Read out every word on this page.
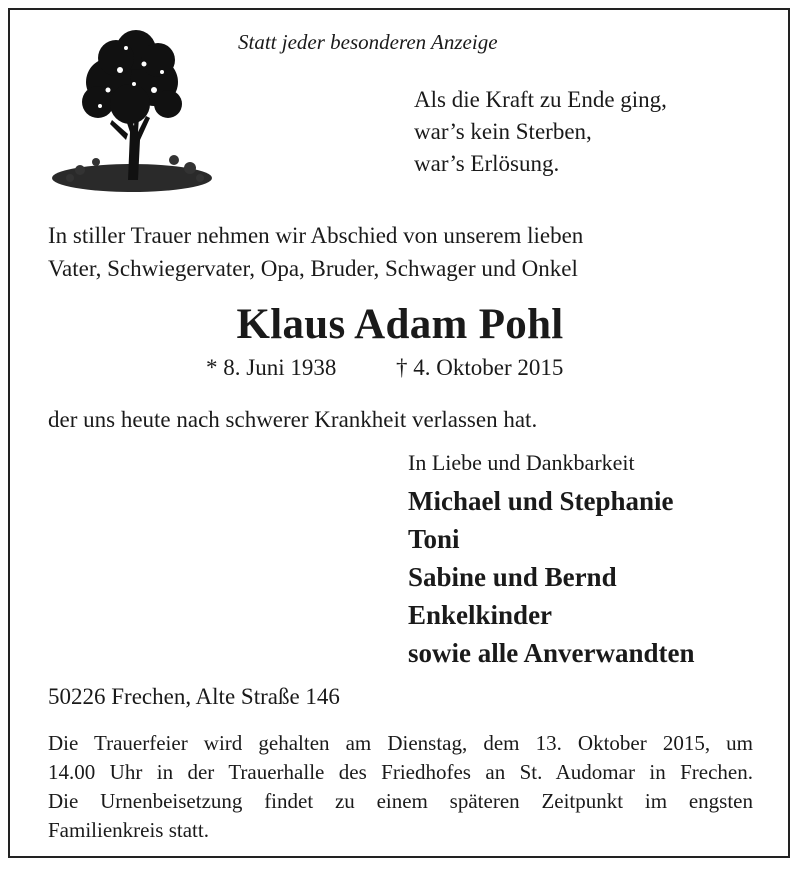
Statt jeder besonderen Anzeige
Als die Kraft zu Ende ging,
war’s kein Sterben,
war’s Erlösung.
In stiller Trauer nehmen wir Abschied von unserem lieben
Vater, Schwiegervater, Opa, Bruder, Schwager und Onkel
Klaus Adam Pohl
* 8. Juni 1938	† 4. Oktober 2015
der uns heute nach schwerer Krankheit verlassen hat.
In Liebe und Dankbarkeit
Michael und Stephanie
Toni
Sabine und Bernd
Enkelkinder
sowie alle Anverwandten
50226 Frechen, Alte Straße 146
Die Trauerfeier wird gehalten am Dienstag, dem 13. Oktober 2015, um
14.00 Uhr in der Trauerhalle des Friedhofes an St. Audomar in Frechen.
Die Urnenbeisetzung findet zu einem späteren Zeitpunkt im engsten
Familienkreis statt.
